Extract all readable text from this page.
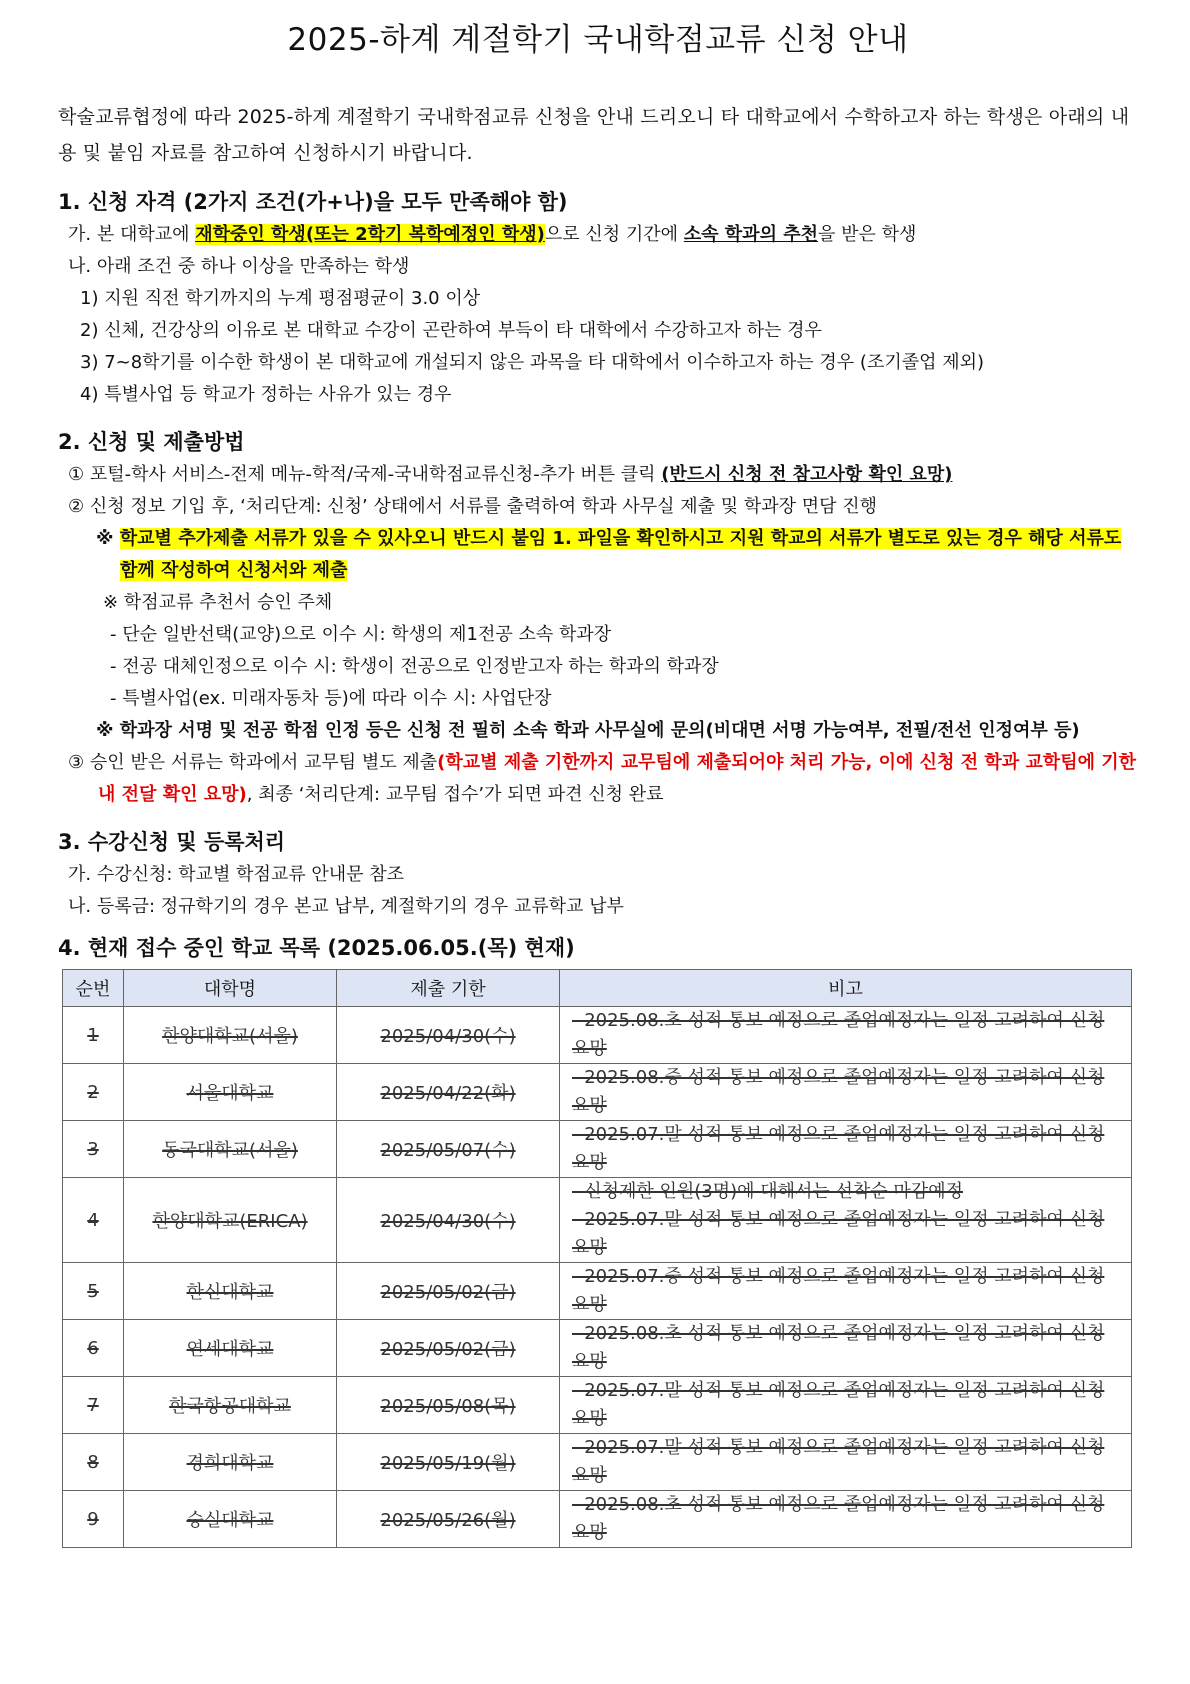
2025-하계 계절학기 국내학점교류 신청 안내

학술교류협정에 따라 2025-하계 계절학기 국내학점교류 신청을 안내 드리오니 타 대학교에서 수학하고자 하는 학생은 아래의 내용 및 붙임 자료를 참고하여 신청하시기 바랍니다.

1. 신청 자격 (2가지 조건(가+나)을 모두 만족해야 함)
가. 본 대학교에 재학중인 학생(또는 2학기 복학예정인 학생)으로 신청 기간에 소속 학과의 추천을 받은 학생
나. 아래 조건 중 하나 이상을 만족하는 학생
1) 지원 직전 학기까지의 누계 평점평균이 3.0 이상
2) 신체, 건강상의 이유로 본 대학교 수강이 곤란하여 부득이 타 대학에서 수강하고자 하는 경우
3) 7~8학기를 이수한 학생이 본 대학교에 개설되지 않은 과목을 타 대학에서 이수하고자 하는 경우 (조기졸업 제외)
4) 특별사업 등 학교가 정하는 사유가 있는 경우
2. 신청 및 제출방법
① 포털-학사 서비스-전제 메뉴-학적/국제-국내학점교류신청-추가 버튼 클릭 (반드시 신청 전 참고사항 확인 요망)
② 신청 정보 기입 후, ‘처리단계: 신청’ 상태에서 서류를 출력하여 학과 사무실 제출 및 학과장 면담 진행
※ 학교별 추가제출 서류가 있을 수 있사오니 반드시 붙임 1. 파일을 확인하시고 지원 학교의 서류가 별도로 있는 경우 해당 서류도 함께 작성하여 신청서와 제출
※ 학점교류 추천서 승인 주체
- 단순 일반선택(교양)으로 이수 시: 학생의 제1전공 소속 학과장
- 전공 대체인정으로 이수 시: 학생이 전공으로 인정받고자 하는 학과의 학과장
- 특별사업(ex. 미래자동차 등)에 따라 이수 시: 사업단장
※ 학과장 서명 및 전공 학점 인정 등은 신청 전 필히 소속 학과 사무실에 문의(비대면 서명 가능여부, 전필/전선 인정여부 등)
③ 승인 받은 서류는 학과에서 교무팀 별도 제출(학교별 제출 기한까지 교무팀에 제출되어야 처리 가능, 이에 신청 전 학과 교학팀에 기한 내 전달 확인 요망), 최종 ‘처리단계: 교무팀 접수’가 되면 파견 신청 완료
3. 수강신청 및 등록처리
가. 수강신청: 학교별 학점교류 안내문 참조
나. 등록금: 정규학기의 경우 본교 납부, 계절학기의 경우 교류학교 납부
4. 현재 접수 중인 학교 목록 (2025.06.05.(목) 현재)
순번	대학명	제출 기한	비고
1	한양대학교(서울)	2025/04/30(수)	- 2025.08.초 성적 통보 예정으로 졸업예정자는 일정 고려하여 신청 요망

2	서울대학교	2025/04/22(화)	- 2025.08.중 성적 통보 예정으로 졸업예정자는 일정 고려하여 신청 요망

3	동국대학교(서울)	2025/05/07(수)	- 2025.07.말 성적 통보 예정으로 졸업예정자는 일정 고려하여 신청 요망

4	한양대학교(ERICA)	2025/04/30(수)	- 신청제한 인원(3명)에 대해서는 선착순 마감예정
- 2025.07.말 성적 통보 예정으로 졸업예정자는 일정 고려하여 신청 요망

5	한신대학교	2025/05/02(금)	- 2025.07.중 성적 통보 예정으로 졸업예정자는 일정 고려하여 신청 요망

6	연세대학교	2025/05/02(금)	- 2025.08.초 성적 통보 예정으로 졸업예정자는 일정 고려하여 신청 요망

7	한국항공대학교	2025/05/08(목)	- 2025.07.말 성적 통보 예정으로 졸업예정자는 일정 고려하여 신청 요망

8	경희대학교	2025/05/19(월)	- 2025.07.말 성적 통보 예정으로 졸업예정자는 일정 고려하여 신청 요망

9	숭실대학교	2025/05/26(월)	- 2025.08.초 성적 통보 예정으로 졸업예정자는 일정 고려하여 신청 요망
